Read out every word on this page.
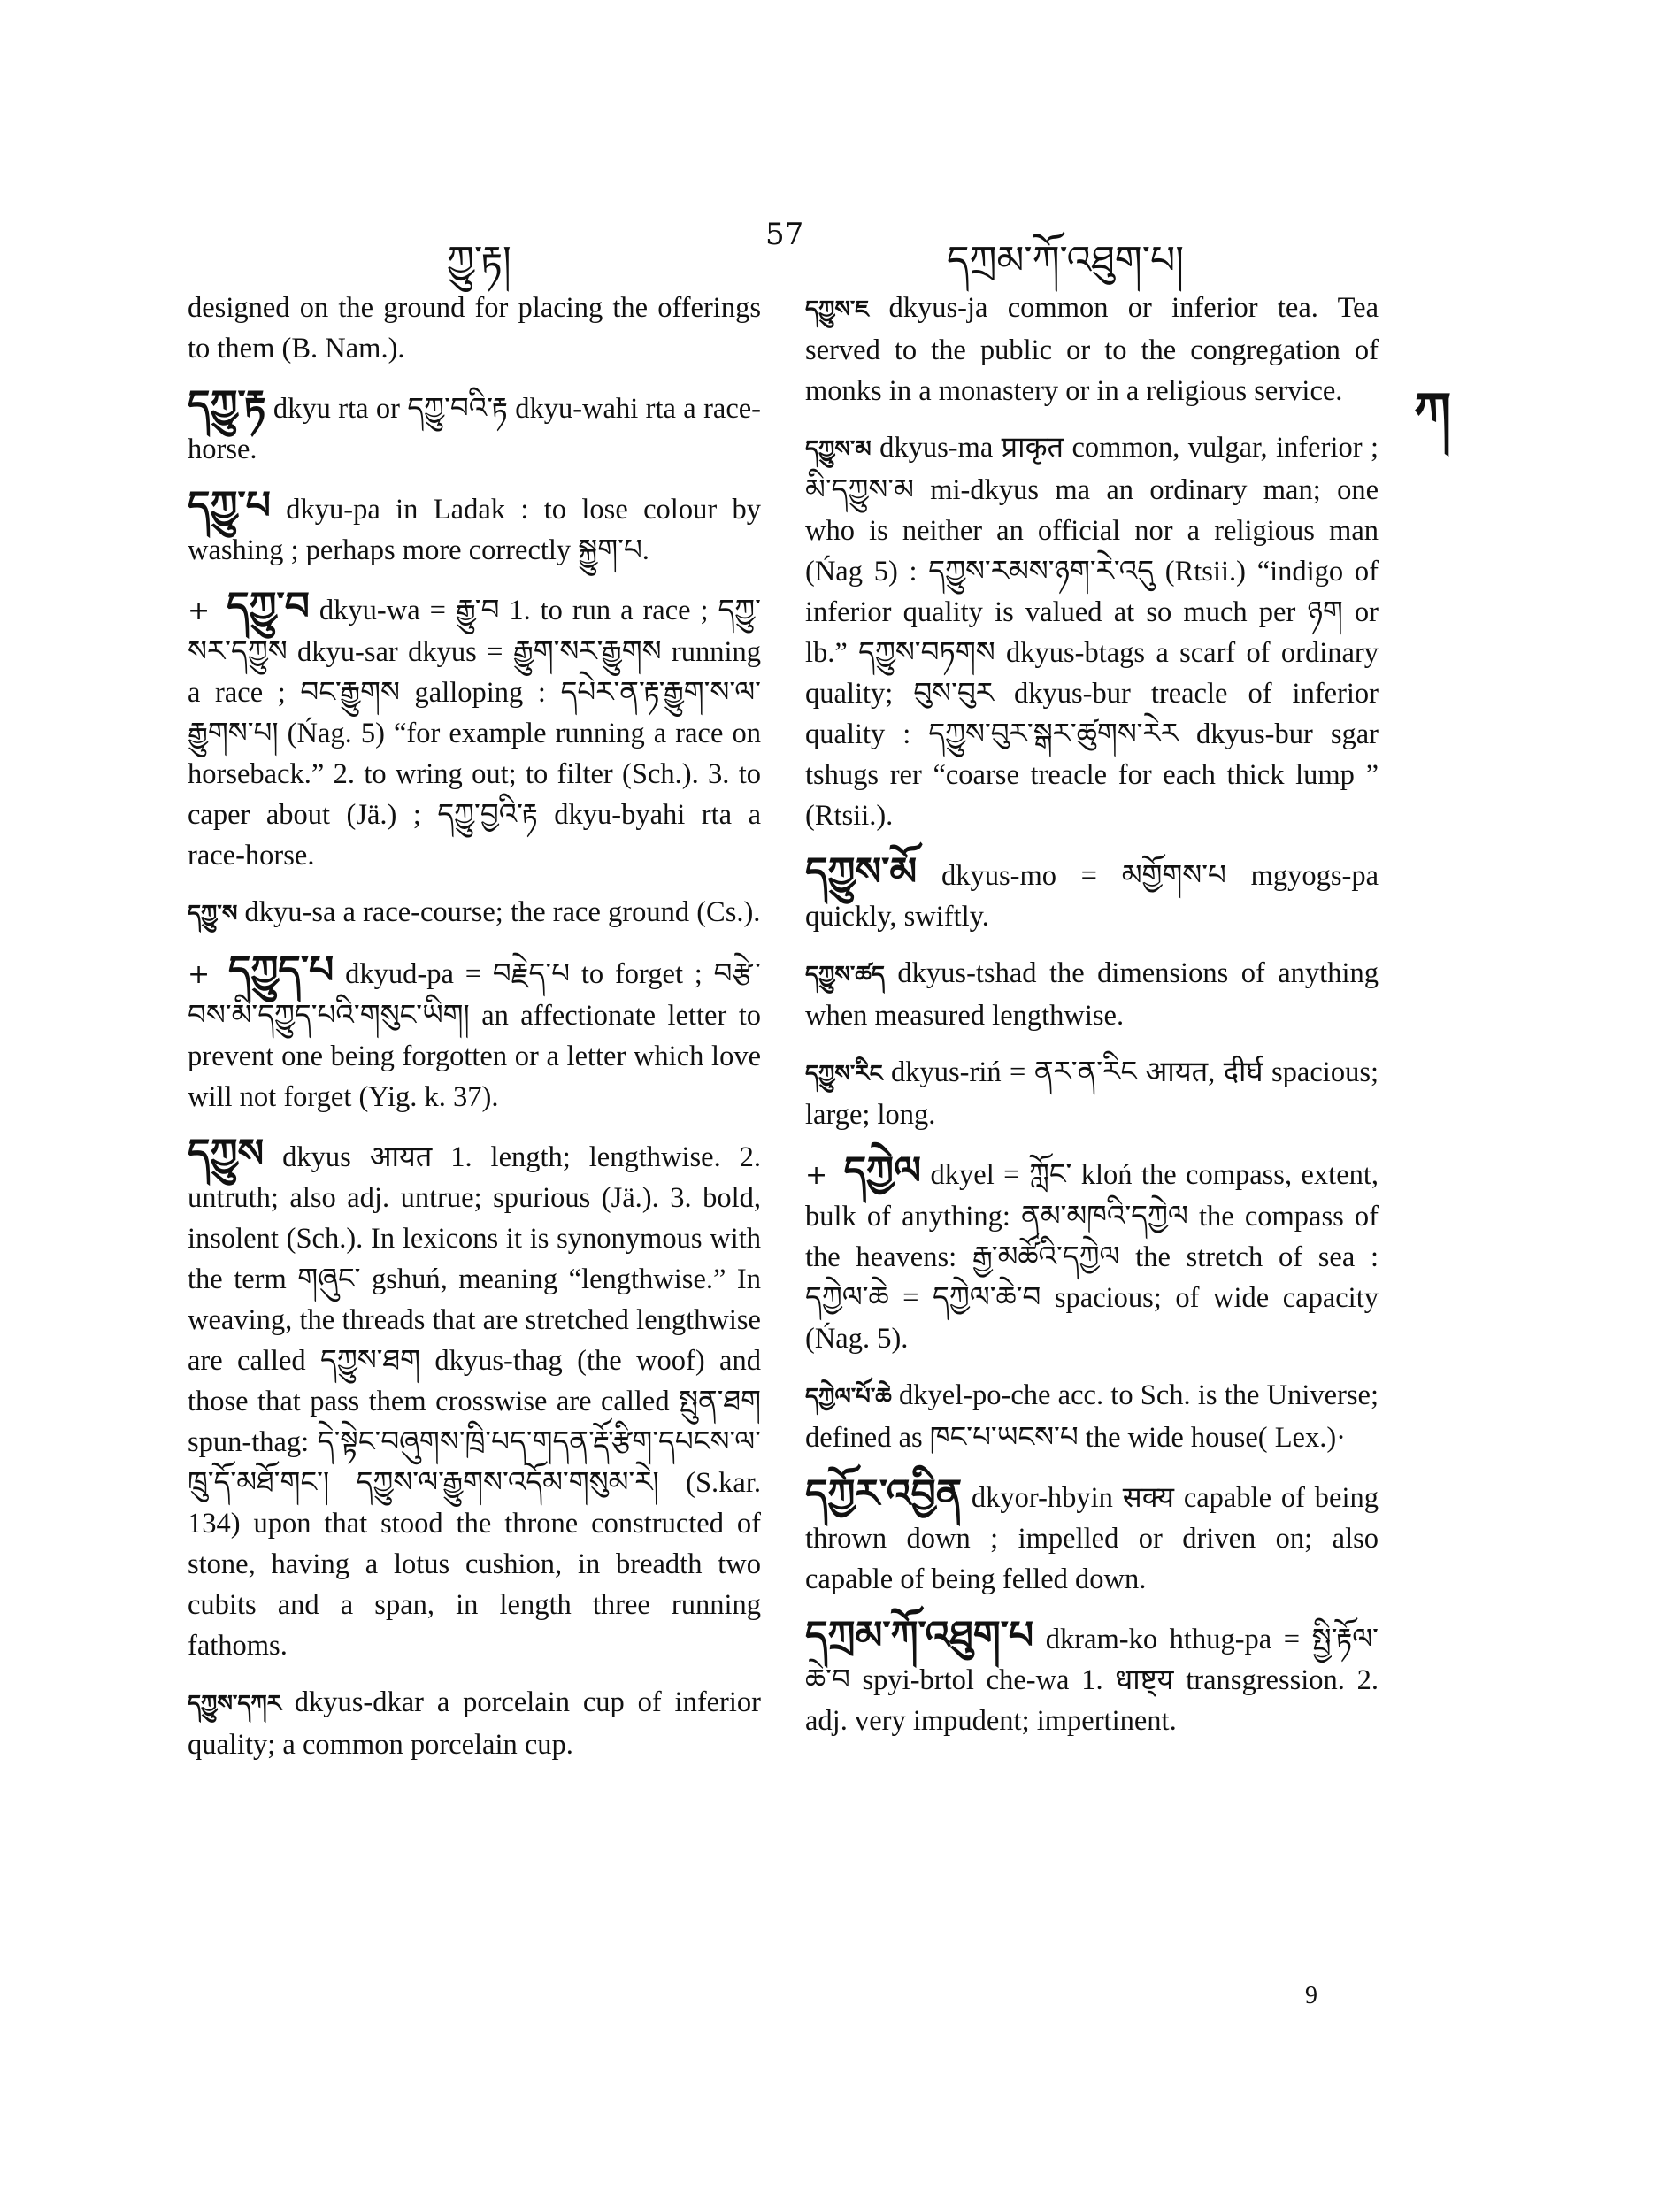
ཀྱུ་རྟ།
57
དཀྲམ་ཀོ་འཐུག་པ།
ཀ

designed on the ground for placing the offerings to them (B. Nam.).

དཀྱུ་རྟ dkyu rta or དཀྱུ་བའི་རྟ dkyu-wahi rta a race-horse.

དཀྱུ་པ dkyu-pa in Ladak : to lose colour by washing ; perhaps more correctly སྐྱུག་པ.

+ དཀྱུ་བ dkyu-wa = རྒྱུ་བ 1. to run a race ; དཀྱུ་སར་དཀྱུས dkyu-sar dkyus = རྒྱུག་སར་རྒྱུགས running a race ; བང་རྒྱུགས galloping : དཔེར་ན་རྟ་རྒྱུག་ས་ལ་རྒྱུགས་པ། (Ńag. 5) “for example running a race on horseback.” 2. to wring out; to filter (Sch.). 3. to caper about (Jä.) ; དཀྱུ་བྱའི་རྟ dkyu-byahi rta a race-horse.

དཀྱུ་ས dkyu-sa a race-course; the race ground (Cs.).

+ དཀྱུད་པ dkyud-pa = བརྗེད་པ to forget ; བརྩེ་བས་མི་དཀྱུད་པའི་གསུང་ཡིག། an affectionate letter to prevent one being forgotten or a letter which love will not forget (Yig. k. 37).

དཀྱུས dkyus आयत 1. length; lengthwise. 2. untruth; also adj. untrue; spurious (Jä.). 3. bold, insolent (Sch.). In lexicons it is synonymous with the term གཞུང་ gshuń, meaning “lengthwise.” In weaving, the threads that are stretched lengthwise are called དཀྱུས་ཐག dkyus-thag (the woof) and those that pass them crosswise are called སྤུན་ཐག spun-thag: དེ་སྟེང་བཞུགས་ཁྲི་པད་གདན་རྡོ་རྩིག་དཔངས་ལ་ཁྲུ་དོ་མཐོ་གང་། དཀྱུས་ལ་རྒྱུགས་འདོམ་གསུམ་རེ། (S.kar. 134) upon that stood the throne constructed of stone, having a lotus cushion, in breadth two cubits and a span, in length three running fathoms.

དཀྱུས་དཀར dkyus-dkar a porcelain cup of inferior quality; a common porcelain cup.

དཀྱུས་ཇ dkyus-ja common or inferior tea. Tea served to the public or to the congregation of monks in a monastery or in a religious service.

དཀྱུས་མ dkyus-ma प्राकृत common, vulgar, inferior ; མི་དཀྱུས་མ mi-dkyus ma an ordinary man; one who is neither an official nor a religious man (Ńag 5) : དཀྱུས་རམས་ཉག་རེ་འདུ (Rtsii.) “indigo of inferior quality is valued at so much per ཉག or lb.” དཀྱུས་བཏགས dkyus-btags a scarf of ordinary quality; བུས་བུར dkyus-bur treacle of inferior quality : དཀྱུས་བུར་སྒར་ཚུགས་རེར dkyus-bur sgar tshugs rer “coarse treacle for each thick lump ” (Rtsii.).

དཀྱུས་མོ dkyus-mo = མགྱོགས་པ mgyogs-pa quickly, swiftly.

དཀྱུས་ཚད dkyus-tshad the dimensions of anything when measured lengthwise.

དཀྱུས་རིང dkyus-riń = ནར་ན་རིང आयत, दीर्घ spacious; large; long.

+ དཀྱེལ dkyel = ཀློང་ kloń the compass, extent, bulk of anything: ནམ་མཁའི་དཀྱེལ the compass of the heavens: རྒྱ་མཚོའི་དཀྱེལ the stretch of sea : དཀྱེལ་ཆེ = དཀྱེལ་ཆེ་བ spacious; of wide capacity (Ńag. 5).

དཀྱེལ་པོ་ཆེ dkyel-po-che acc. to Sch. is the Universe; defined as ཁང་པ་ཡངས་པ the wide house( Lex.)·

དཀྱོར་འབྱིན dkyor-hbyin सक्य capable of being thrown down ; impelled or driven on; also capable of being felled down.

དཀྲམ་ཀོ་འཐུག་པ dkram-ko hthug-pa = སྤྱི་རྟོལ་ཆེ་བ spyi-brtol che-wa 1. धाष्ट्य transgression. 2. adj. very impudent; impertinent.

9
